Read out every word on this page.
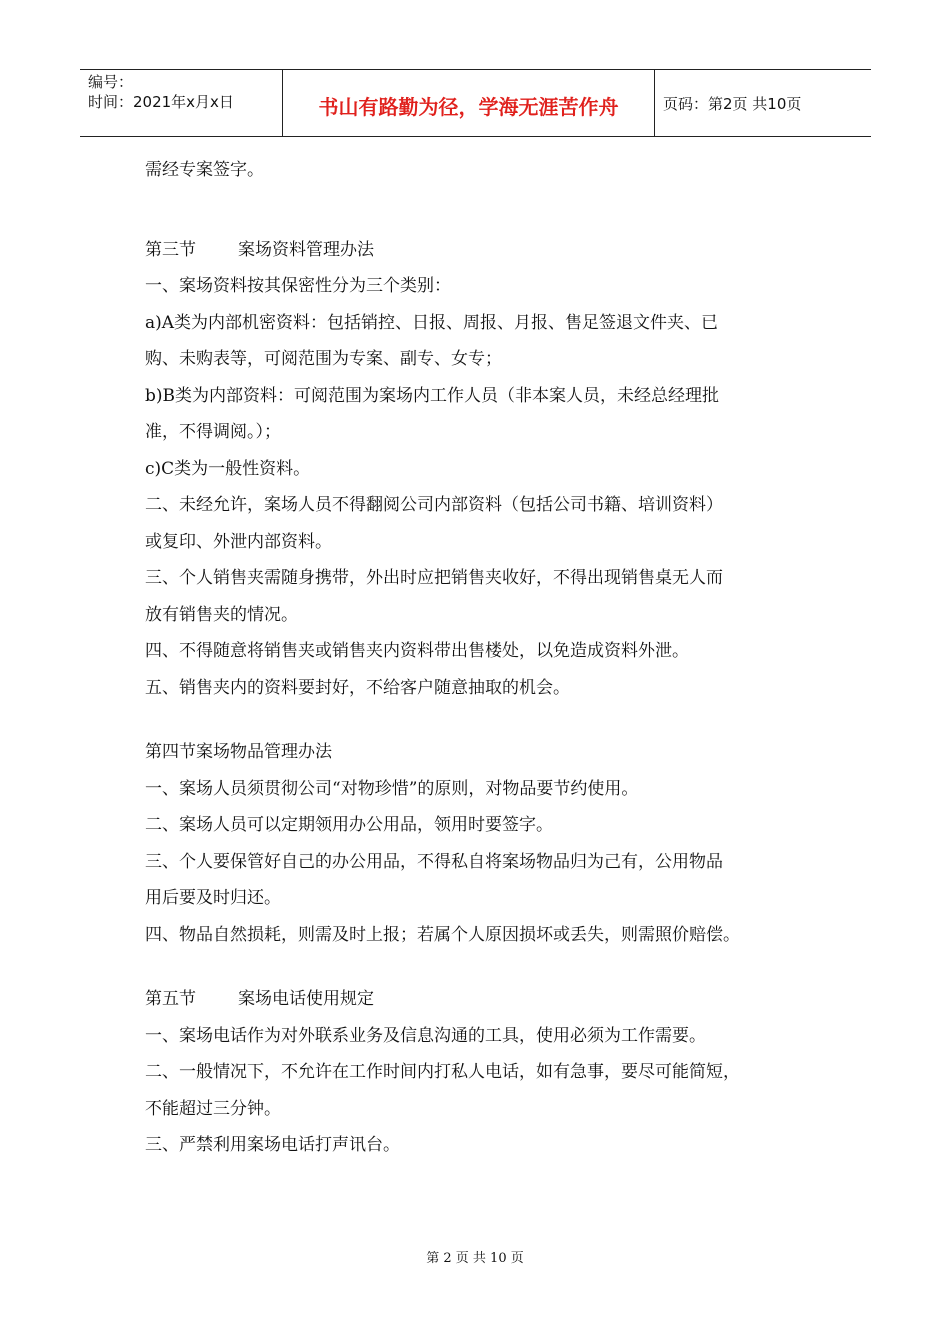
编号：
时间：2021年x月x日	书山有路勤为径，学海无涯苦作舟	页码：第2页 共10页
需经专案签字。
第三节 案场资料管理办法
一、案场资料按其保密性分为三个类别：
a)A类为内部机密资料：包括销控、日报、周报、月报、售足签退文件夹、已
购、未购表等，可阅范围为专案、副专、女专；
b)B类为内部资料：可阅范围为案场内工作人员（非本案人员，未经总经理批
准，不得调阅。）；
c)C类为一般性资料。
二、未经允许，案场人员不得翻阅公司内部资料（包括公司书籍、培训资料）
或复印、外泄内部资料。
三、个人销售夹需随身携带，外出时应把销售夹收好，不得出现销售桌无人而
放有销售夹的情况。
四、不得随意将销售夹或销售夹内资料带出售楼处，以免造成资料外泄。
五、销售夹内的资料要封好，不给客户随意抽取的机会。
第四节案场物品管理办法
一、案场人员须贯彻公司“对物珍惜”的原则，对物品要节约使用。
二、案场人员可以定期领用办公用品，领用时要签字。
三、个人要保管好自己的办公用品，不得私自将案场物品归为己有，公用物品
用后要及时归还。
四、物品自然损耗，则需及时上报；若属个人原因损坏或丢失，则需照价赔偿。
第五节 案场电话使用规定
一、案场电话作为对外联系业务及信息沟通的工具，使用必须为工作需要。
二、一般情况下，不允许在工作时间内打私人电话，如有急事，要尽可能简短，
不能超过三分钟。
三、严禁利用案场电话打声讯台。
第 2 页 共 10 页
